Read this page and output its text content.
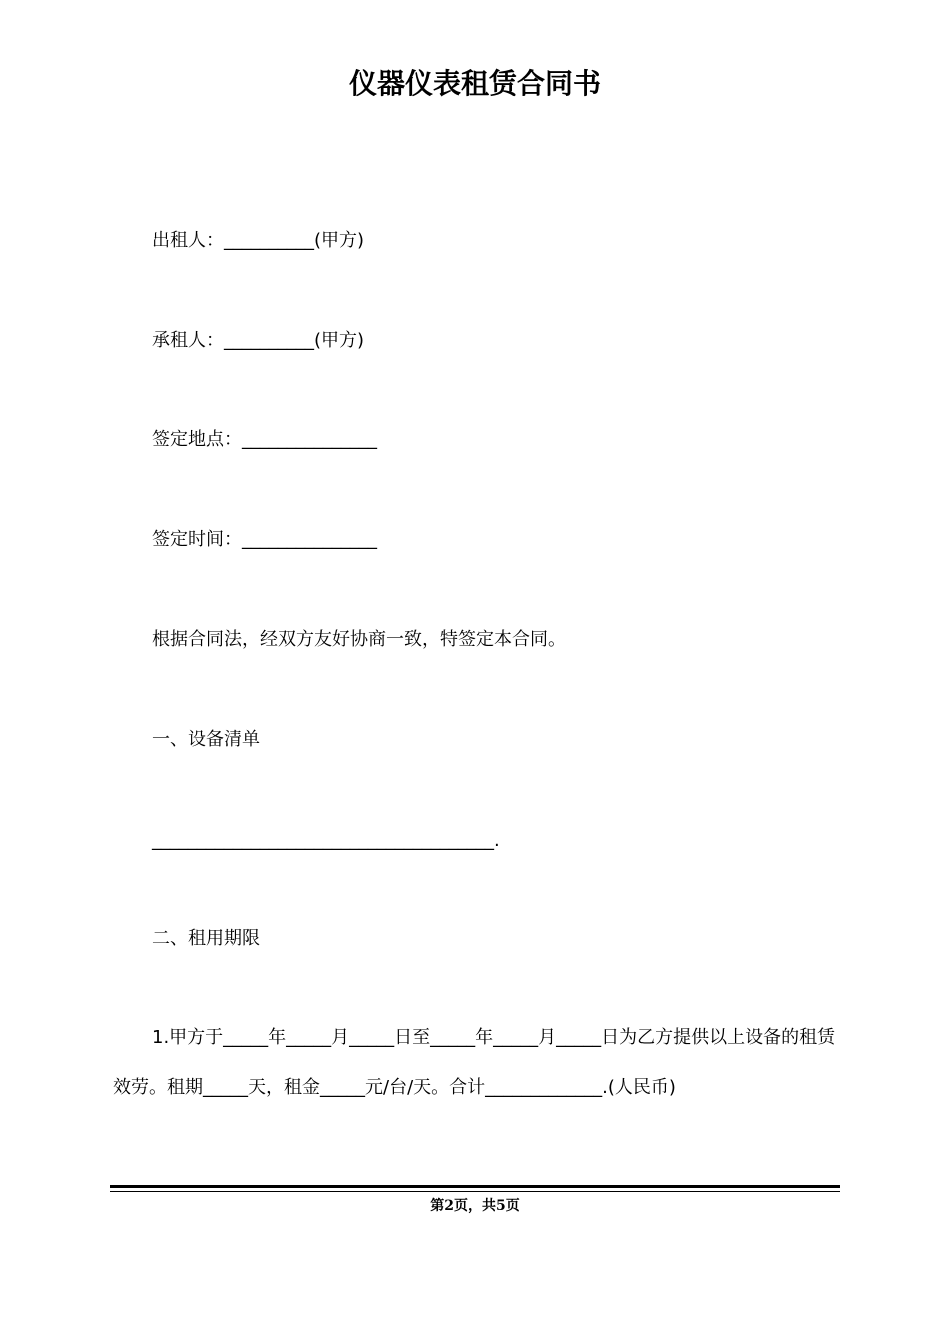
仪器仪表租赁合同书
出租人：__________(甲方)
承租人：__________(甲方)
签定地点：_______________
签定时间：_______________
根据合同法，经双方友好协商一致，特签定本合同。
一、设备清单
______________________________________.
二、租用期限
1.甲方于_____年_____月_____日至_____年_____月_____日为乙方提供以上设备的租赁效劳。租期_____天，租金_____元/台/天。合计_____________.(人民币)
第2页，共5页
